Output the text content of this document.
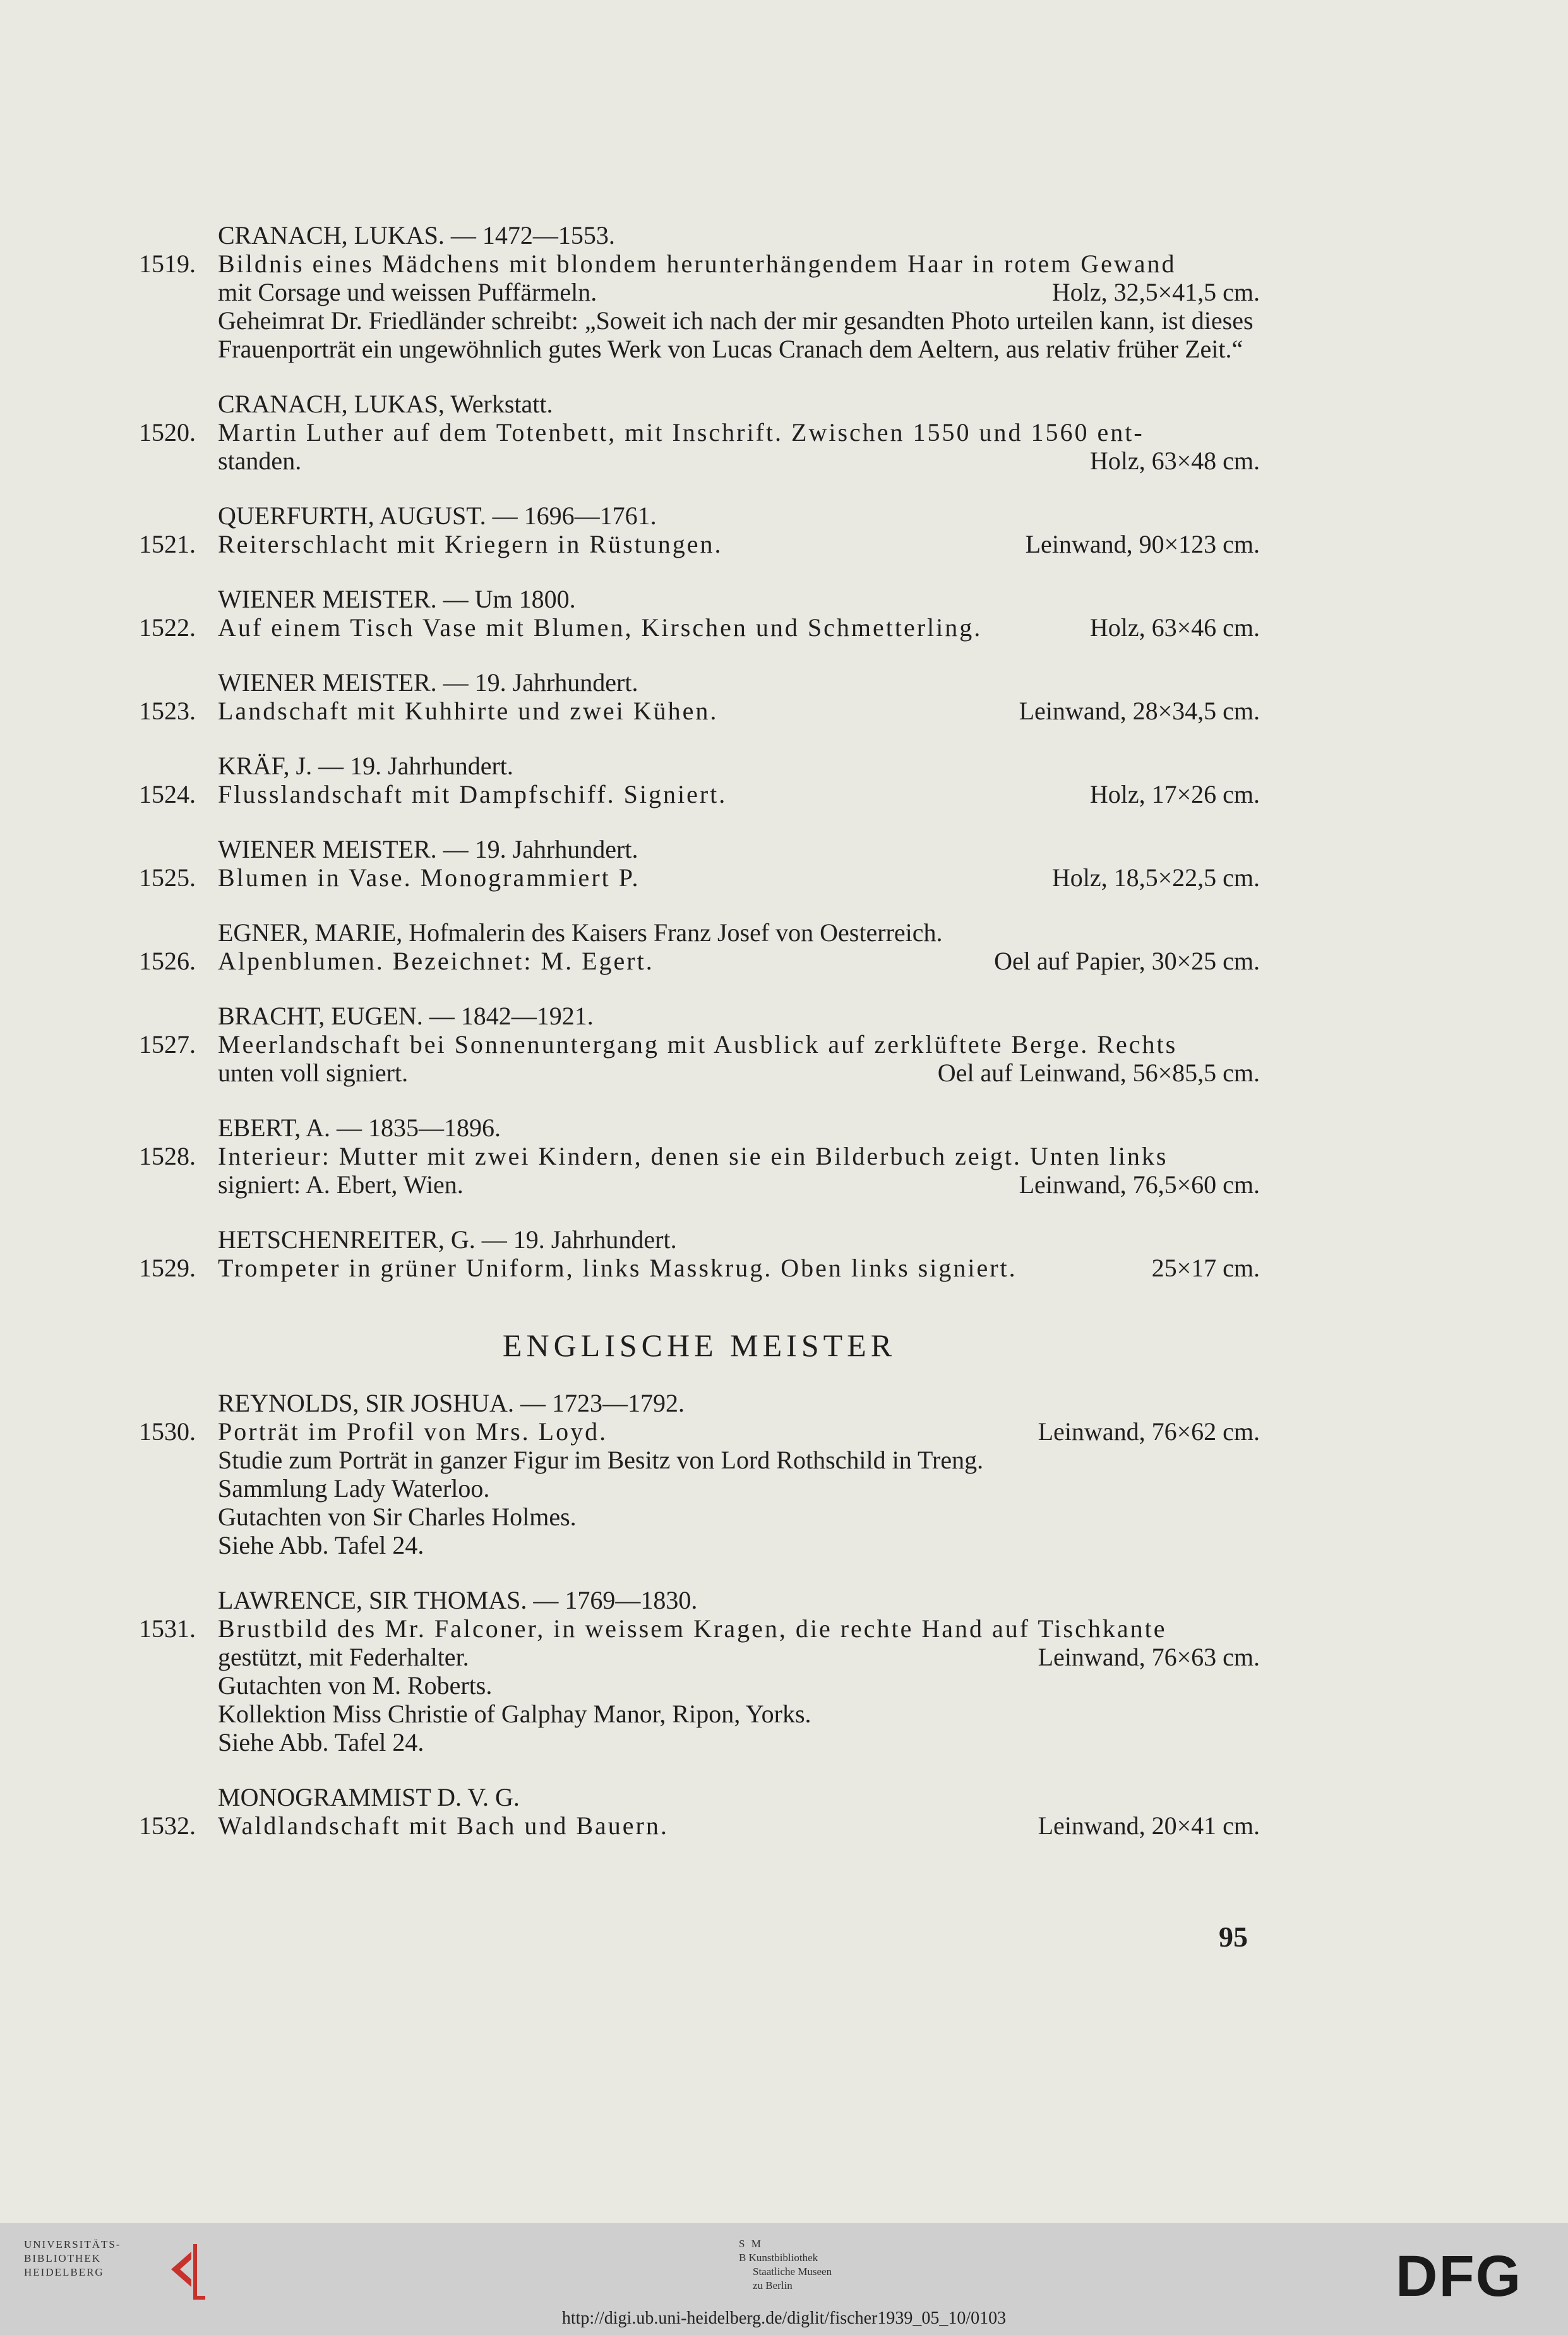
CRANACH, LUKAS. — 1472—1553.
1519. Bildnis eines Mädchens mit blondem herunterhängendem Haar in rotem Gewand
mit Corsage und weissen Puffärmeln.	Holz, 32,5×41,5 cm.
Geheimrat Dr. Friedländer schreibt: „Soweit ich nach der mir gesandten Photo urteilen kann, ist dieses Frauenporträt ein ungewöhnlich gutes Werk von Lucas Cranach dem Aeltern, aus relativ früher Zeit.“
CRANACH, LUKAS, Werkstatt.
1520. Martin Luther auf dem Totenbett, mit Inschrift. Zwischen 1550 und 1560 ent-
standen.	Holz, 63×48 cm.
QUERFURTH, AUGUST. — 1696—1761.
1521. Reiterschlacht mit Kriegern in Rüstungen.	Leinwand, 90×123 cm.
WIENER MEISTER. — Um 1800.
1522. Auf einem Tisch Vase mit Blumen, Kirschen und Schmetterling.	Holz, 63×46 cm.
WIENER MEISTER. — 19. Jahrhundert.
1523. Landschaft mit Kuhhirte und zwei Kühen.	Leinwand, 28×34,5 cm.
KRÄF, J. — 19. Jahrhundert.
1524. Flusslandschaft mit Dampfschiff. Signiert.	Holz, 17×26 cm.
WIENER MEISTER. — 19. Jahrhundert.
1525. Blumen in Vase. Monogrammiert P.	Holz, 18,5×22,5 cm.
EGNER, MARIE, Hofmalerin des Kaisers Franz Josef von Oesterreich.
1526. Alpenblumen. Bezeichnet: M. Egert.	Oel auf Papier, 30×25 cm.
BRACHT, EUGEN. — 1842—1921.
1527. Meerlandschaft bei Sonnenuntergang mit Ausblick auf zerklüftete Berge. Rechts
unten voll signiert.	Oel auf Leinwand, 56×85,5 cm.
EBERT, A. — 1835—1896.
1528. Interieur: Mutter mit zwei Kindern, denen sie ein Bilderbuch zeigt. Unten links
signiert: A. Ebert, Wien.	Leinwand, 76,5×60 cm.
HETSCHENREITER, G. — 19. Jahrhundert.
1529. Trompeter in grüner Uniform, links Masskrug. Oben links signiert.	25×17 cm.
ENGLISCHE MEISTER
REYNOLDS, SIR JOSHUA. — 1723—1792.
1530. Porträt im Profil von Mrs. Loyd.	Leinwand, 76×62 cm.
Studie zum Porträt in ganzer Figur im Besitz von Lord Rothschild in Treng.
Sammlung Lady Waterloo.
Gutachten von Sir Charles Holmes.
Siehe Abb. Tafel 24.
LAWRENCE, SIR THOMAS. — 1769—1830.
1531. Brustbild des Mr. Falconer, in weissem Kragen, die rechte Hand auf Tischkante
gestützt, mit Federhalter.	Leinwand, 76×63 cm.
Gutachten von M. Roberts.
Kollektion Miss Christie of Galphay Manor, Ripon, Yorks.
Siehe Abb. Tafel 24.
MONOGRAMMIST D. V. G.
1532. Waldlandschaft mit Bach und Bauern.	Leinwand, 20×41 cm.
95
UNIVERSITÄTS-
BIBLIOTHEK
HEIDELBERG
S M
B Kunstbibliothek
Staatliche Museen
zu Berlin	DFG
http://digi.ub.uni-heidelberg.de/diglit/fischer1939_05_10/0103
